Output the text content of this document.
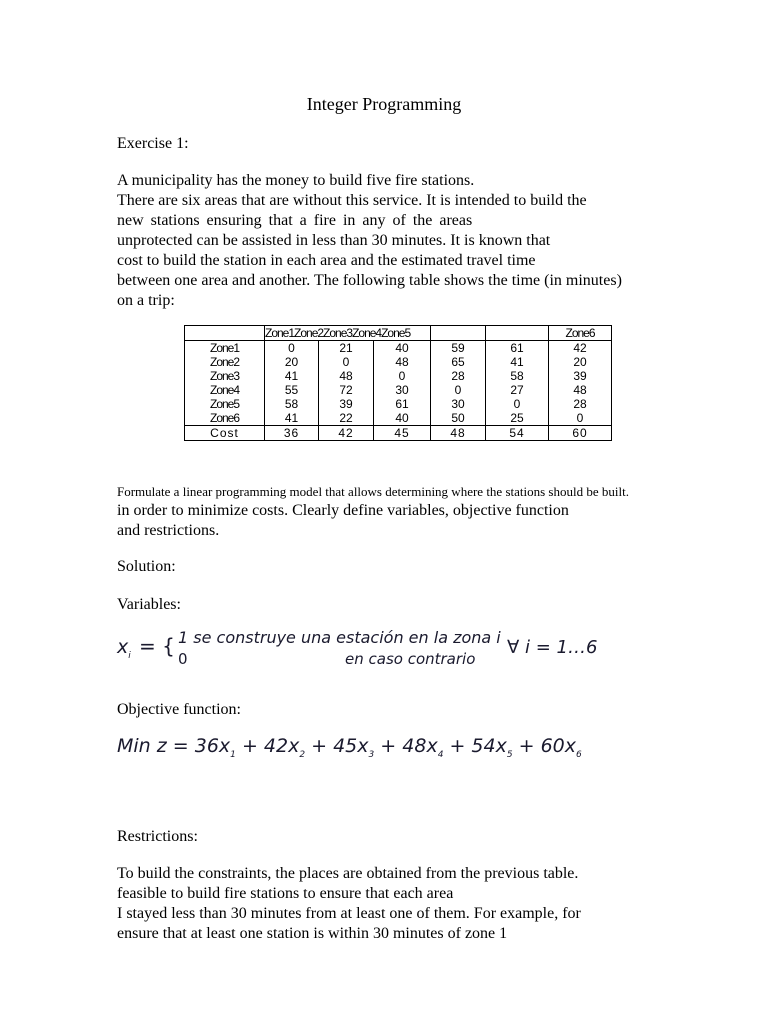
Integer Programming
Exercise 1:
A municipality has the money to build five fire stations.
There are six areas that are without this service. It is intended to build the
new stations ensuring that a fire in any of the areas
unprotected can be assisted in less than 30 minutes. It is known that
cost to build the station in each area and the estimated travel time
between one area and another. The following table shows the time (in minutes)
on a trip:
	Zone1Zone2Zone3Zone4Zone5					Zone6
Zone1	0	21	40	59	61	42
Zone2	20	0	48	65	41	20
Zone3	41	48	0	28	58	39
Zone4	55	72	30	0	27	48
Zone5	58	39	61	30	0	28
Zone6	41	22	40	50	25	0
Cost	36	42	45	48	54	60
Formulate a linear programming model that allows determining where the stations should be built.
in order to minimize costs. Clearly define variables, objective function
and restrictions.
Solution:
Variables:
$x_i$ = { 1 se construye una estación en la zona i
0	en caso contrario
∀ i = 1…6
Objective function:
Min $z = 36x_1 + 42x_2 + 45x_3 + 48x_4 + 54x_5 + 60x_6$
Restrictions:
To build the constraints, the places are obtained from the previous table.
feasible to build fire stations to ensure that each area
I stayed less than 30 minutes from at least one of them. For example, for
ensure that at least one station is within 30 minutes of zone 1
